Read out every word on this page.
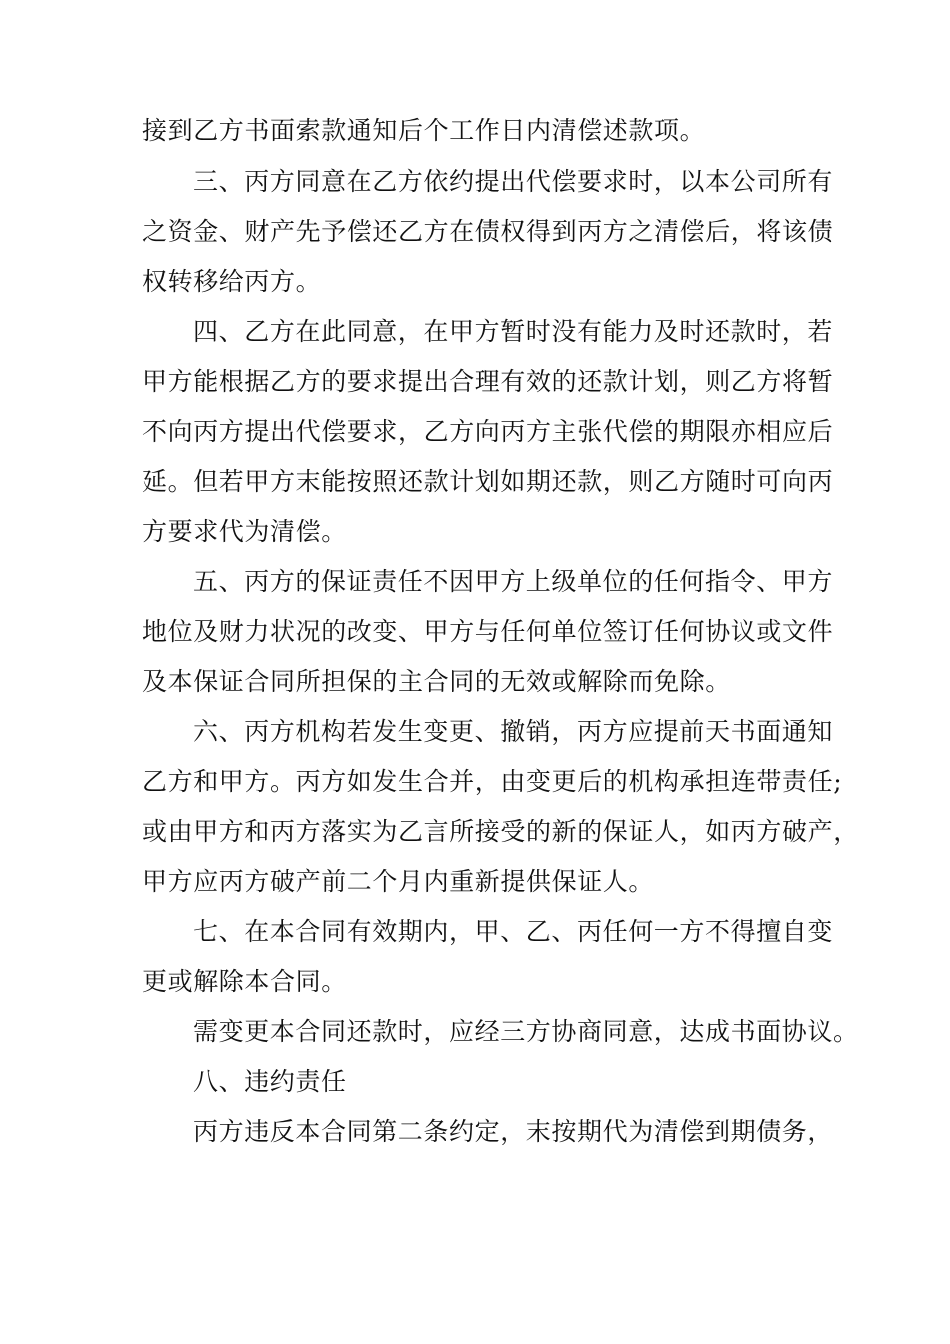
接到乙方书面索款通知后个工作日内清偿述款项。
三、丙方同意在乙方依约提出代偿要求时，以本公司所有
之资金、财产先予偿还乙方在债权得到丙方之清偿后，将该债
权转移给丙方。
四、乙方在此同意，在甲方暂时没有能力及时还款时，若
甲方能根据乙方的要求提出合理有效的还款计划，则乙方将暂
不向丙方提出代偿要求，乙方向丙方主张代偿的期限亦相应后
延。但若甲方末能按照还款计划如期还款，则乙方随时可向丙
方要求代为清偿。
五、丙方的保证责任不因甲方上级单位的任何指令、甲方
地位及财力状况的改变、甲方与任何单位签订任何协议或文件
及本保证合同所担保的主合同的无效或解除而免除。
六、丙方机构若发生变更、撤销，丙方应提前天书面通知
乙方和甲方。丙方如发生合并，由变更后的机构承担连带责任;
或由甲方和丙方落实为乙言所接受的新的保证人，如丙方破产，
甲方应丙方破产前二个月内重新提供保证人。
七、在本合同有效期内，甲、乙、丙任何一方不得擅自变
更或解除本合同。
需变更本合同还款时，应经三方协商同意，达成书面协议。
八、违约责任
丙方违反本合同第二条约定，末按期代为清偿到期债务，
